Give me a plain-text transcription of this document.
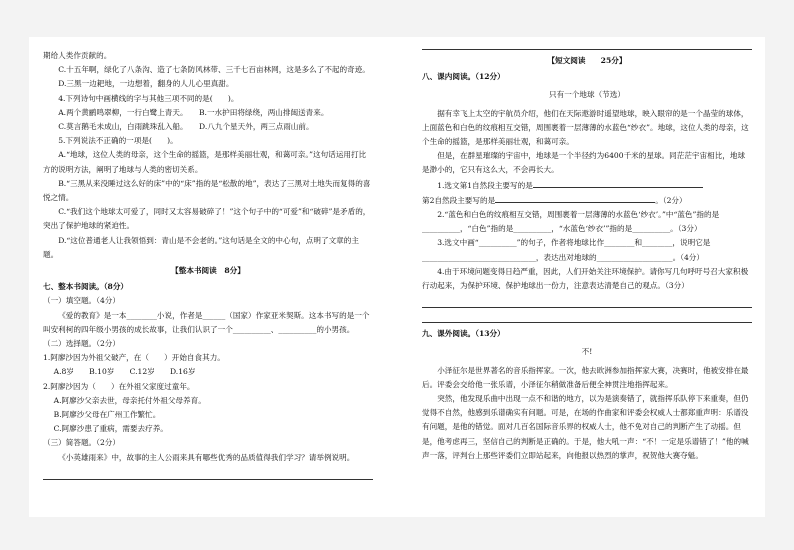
期给人类作贡献的。

C.十五年啊，绿化了八条沟、造了七条防风林带、三千七百亩林网，这是多么了不起的奇迹。

D.三黑一边耙地，一边想着，翻身的人儿心里真甜。

4.下列诗句中画横线的字与其他三项不同的是(　　)。

A.两个黄鹂鸣翠柳，一行白鹭上青天。　　B.一水护田将绿绕，两山排闼送青来。

C.莫言鹅毛未成山，白雨跳珠乱入船。　　D.八九个星天外，两三点雨山前。

5.下列说法不正确的一项是(　　)。

A.“地球，这位人类的母亲，这个生命的摇篮，是那样美丽壮观，和蔼可亲。”这句话运用打比方的说明方法，阐明了地球与人类的密切关系。

B.“三黑从来没睡过这么好的床”中的“床”指的是“松散的地”，表达了三黑对土地失而复得的喜悦之情。

C.“我们这个地球太可爱了，同时又太容易破碎了！”这个句子中的“可爱”和“破碎”是矛盾的，突出了保护地球的紧迫性。

D.“这位普通老人让我领悟到：青山是不会老的。”这句话是全文的中心句，点明了文章的主题。

【整本书阅读　8分】

七、整本书阅读。（8分）

（一）填空题。（4分）

《爱的教育》是一本________小说，作者是______（国家）作家亚米契斯。这本书写的是一个叫安利柯的四年级小男孩的成长故事，让我们认识了一个__________、__________的小男孩。

（二）选择题。（2分）

1.阿廖沙因为外祖父破产，在（　　）开始自食其力。

A.8岁　　B.10岁　　C.12岁　　D.16岁

2.阿廖沙因为（　　）在外祖父家度过童年。

A.阿廖沙父亲去世，母亲托付外祖父母养育。

B.阿廖沙父母在广州工作繁忙。

C.阿廖沙患了重病，需要去疗养。

（三）简答题。（2分）

《小英雄雨来》中，故事的主人公雨来具有哪些优秀的品质值得我们学习？请举例说明。

【短文阅读　　25分】

八、课内阅读。（12分）

只有一个地球（节选）

据有幸飞上太空的宇航员介绍，他们在天际遨游时遥望地球，映入眼帘的是一个晶莹的球体，上面蓝色和白色的纹痕相互交错，周围裹着一层薄薄的水蓝色“纱衣”。地球，这位人类的母亲，这个生命的摇篮，是那样美丽壮观，和蔼可亲。

但是，在群星璀璨的宇宙中，地球是一个半径约为6400千米的星球。同茫茫宇宙相比，地球是渺小的，它只有这么大，不会再长大。

1.选文第1自然段主要写的是

第2自然段主要写的是	。（2分）

2.“蓝色和白色的纹痕相互交错，周围裹着一层薄薄的水蓝色‘纱衣’。”中“蓝色”指的是__________，“白色”指的是__________，“水蓝色‘纱衣’”指的是__________。（3分）

3.选文中画“__________”的句子，作者将地球比作________和________，说明它是______________________________，表达出对地球的____________________。（4分）

4.由于环境问题变得日趋严重，因此，人们开始关注环境保护。请你写几句呼吁号召大家积极行动起来，为保护环境、保护地球出一份力，注意表达清楚自己的观点。（3分）

九、课外阅读。（13分）

不!

小泽征尔是世界著名的音乐指挥家。一次，他去欧洲参加指挥家大赛，决赛时，他被安排在最后。评委会交给他一张乐谱，小泽征尔稍做准备后便全神贯注地指挥起来。

突然，他发现乐曲中出现一点不和谐的地方，以为是演奏错了，就指挥乐队停下来重奏，但仍觉得不自然，他感到乐谱确实有问题。可是，在场的作曲家和评委会权威人士都郑重声明：乐谱没有问题，是他的错觉。面对几百名国际音乐界的权威人士，他不免对自己的判断产生了动摇。但是，他考虑再三，坚信自己的判断是正确的。于是，他大吼一声：“不！一定是乐谱错了！”他的喊声一落，评判台上那些评委们立即站起来，向他报以热烈的掌声，祝贺他大赛夺魁。
